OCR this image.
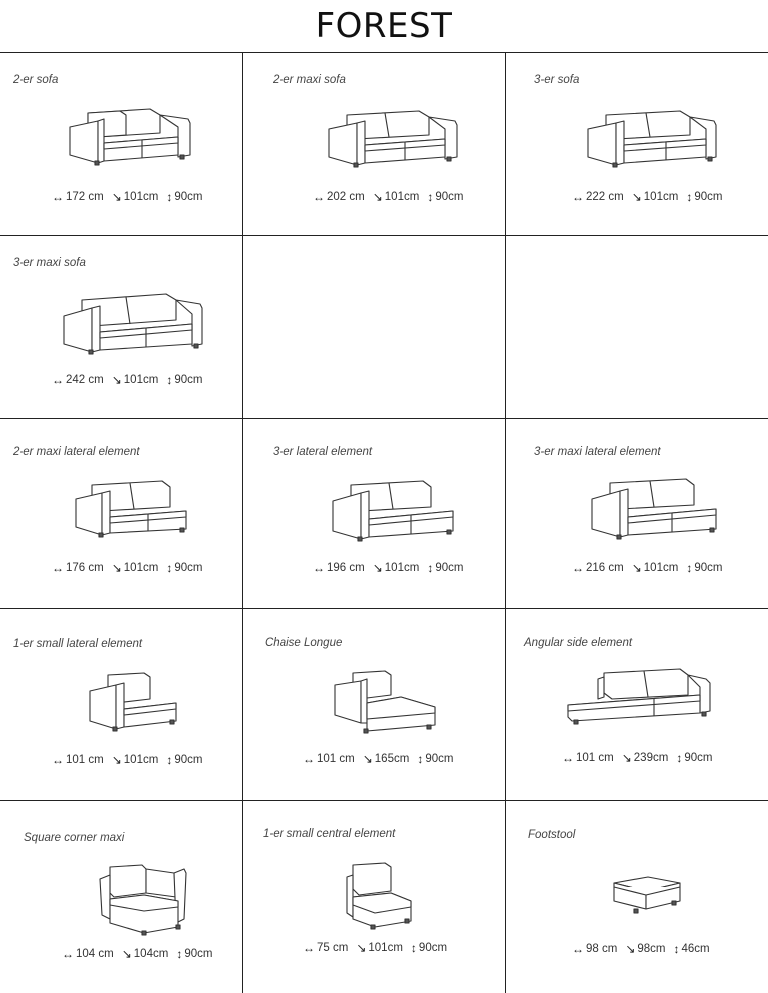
FOREST
2-er sofa
↔ 172 cm ↘ 101cm ↕ 90cm
2-er maxi sofa
↔ 202 cm ↘ 101cm ↕ 90cm
3-er sofa
↔ 222 cm ↘ 101cm ↕ 90cm
3-er maxi sofa
↔ 242 cm ↘ 101cm ↕ 90cm
2-er maxi lateral element
↔ 176 cm ↘ 101cm ↕ 90cm
3-er lateral element
↔ 196 cm ↘ 101cm ↕ 90cm
3-er maxi lateral element
↔ 216 cm ↘ 101cm ↕ 90cm
1-er small lateral element
↔ 101 cm ↘ 101cm ↕ 90cm
Chaise Longue
↔ 101 cm ↘ 165cm ↕ 90cm
Angular side element
↔ 101 cm ↘ 239cm ↕ 90cm
Square corner maxi
↔ 104 cm ↘ 104cm ↕ 90cm
1-er small central element
↔ 75 cm ↘ 101cm ↕ 90cm
Footstool
↔ 98 cm ↘ 98cm ↕ 46cm
